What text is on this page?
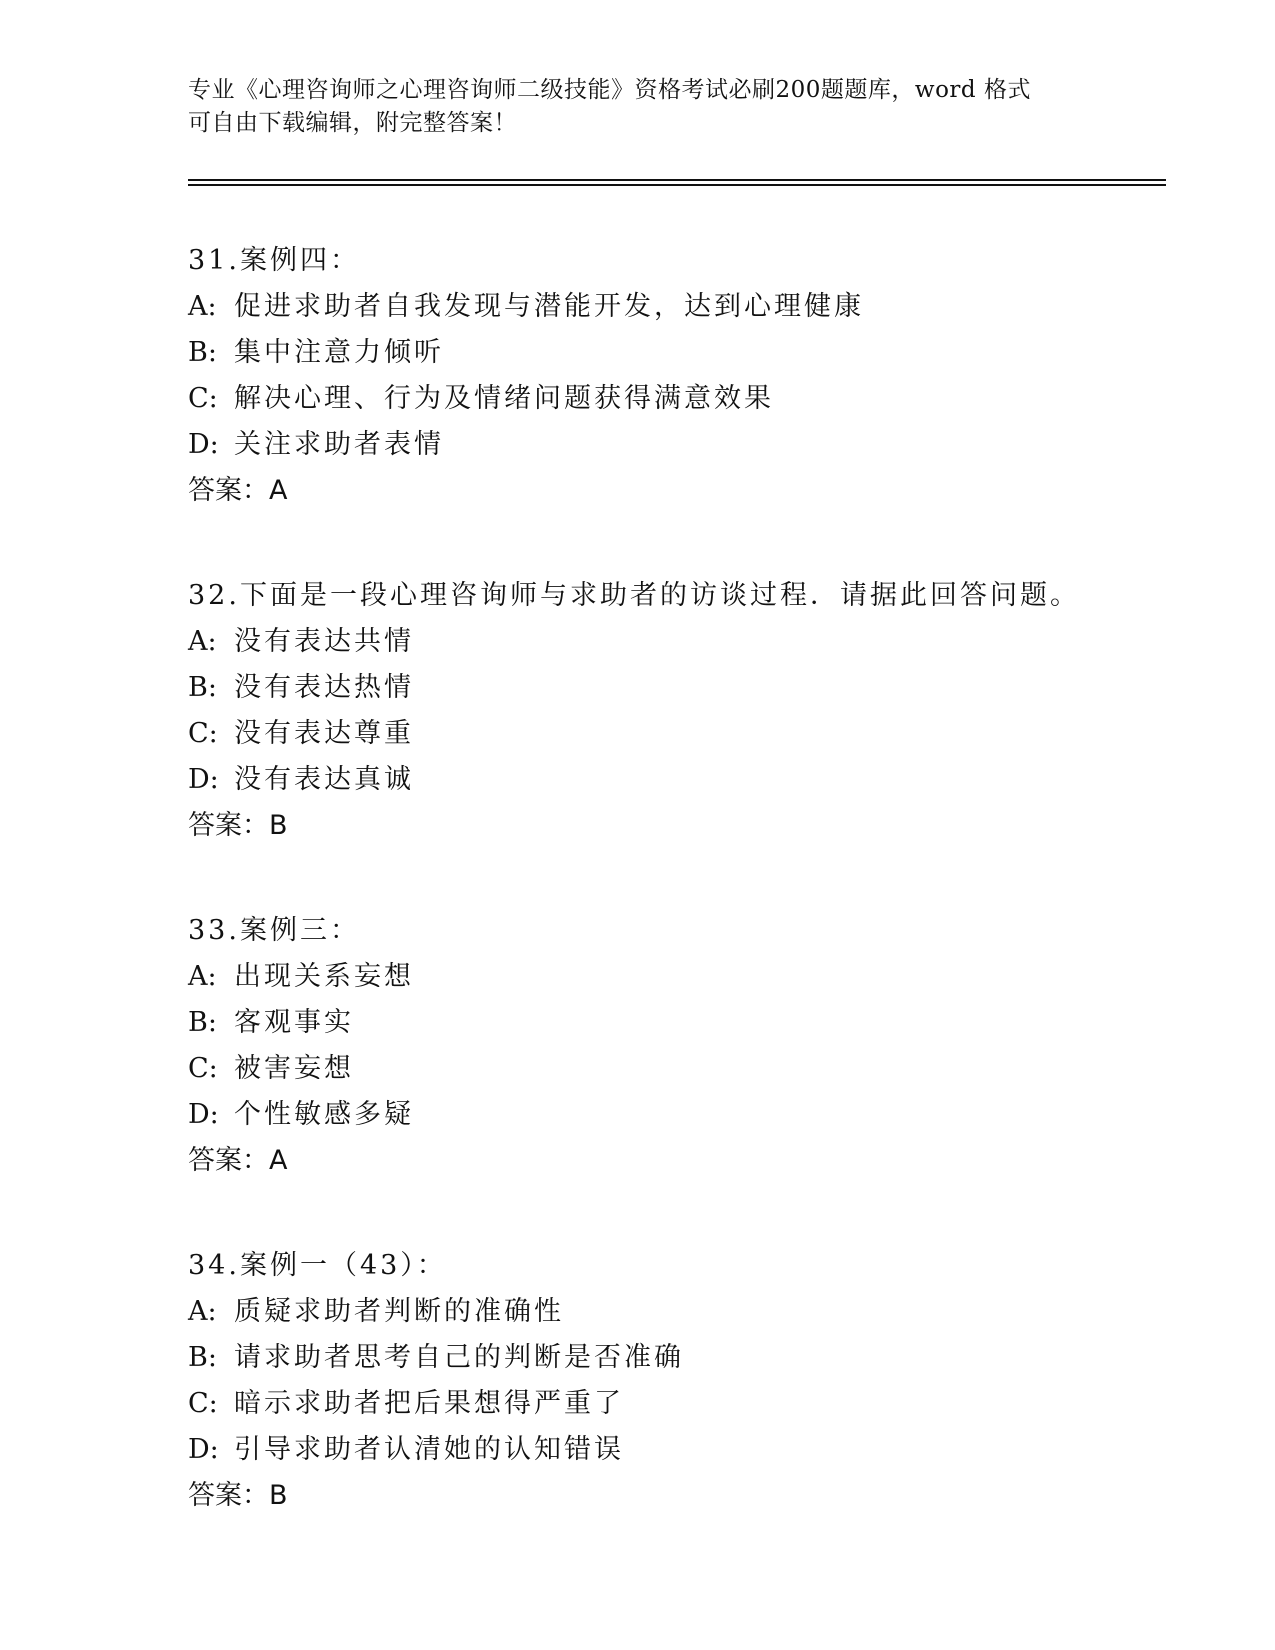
专业《心理咨询师之心理咨询师二级技能》资格考试必刷200题题库，word 格式
可自由下载编辑，附完整答案！
31.案例四：
A: 促进求助者自我发现与潜能开发，达到心理健康
B: 集中注意力倾听
C: 解决心理、行为及情绪问题获得满意效果
D: 关注求助者表情
答案：A
32.下面是一段心理咨询师与求助者的访谈过程．请据此回答问题。
A: 没有表达共情
B: 没有表达热情
C: 没有表达尊重
D: 没有表达真诚
答案：B
33.案例三：
A: 出现关系妄想
B: 客观事实
C: 被害妄想
D: 个性敏感多疑
答案：A
34.案例一（43）：
A: 质疑求助者判断的准确性
B: 请求助者思考自己的判断是否准确
C: 暗示求助者把后果想得严重了
D: 引导求助者认清她的认知错误
答案：B
